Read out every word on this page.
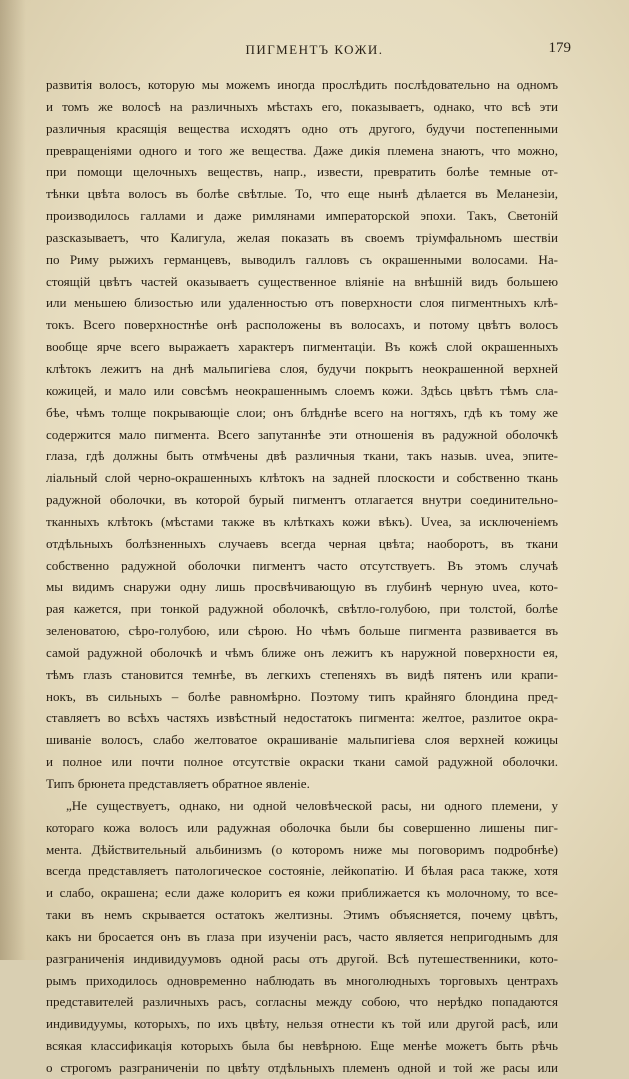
ПИГМЕНТЪ КОЖИ.	179
развитія волосъ, которую мы можемъ иногда прослѣдить послѣдовательно на одномъ
и томъ же волосѣ на различныхъ мѣстахъ его, показываетъ, однако, что всѣ эти
различныя красящія вещества исходятъ одно отъ другого, будучи постепенными
превращеніями одного и того же вещества. Даже дикія племена знаютъ, что можно,
при помощи щелочныхъ веществъ, напр., извести, превратить болѣе темные от-
тѣнки цвѣта волосъ въ болѣе свѣтлые. То, что еще нынѣ дѣлается въ Меланезіи,
производилось галлами и даже римлянами императорской эпохи. Такъ, Светоній
разсказываетъ, что Калигула, желая показать въ своемъ тріумфальномъ шествіи
по Риму рыжихъ германцевъ, выводилъ галловъ съ окрашенными волосами. На-
стоящій цвѣтъ частей оказываетъ существенное вліяніе на внѣшній видъ большею
или меньшею близостью или удаленностью отъ поверхности слоя пигментныхъ клѣ-
токъ. Всего поверхностнѣе онѣ расположены въ волосахъ, и потому цвѣтъ волосъ
вообще ярче всего выражаетъ характеръ пигментаціи. Въ кожѣ слой окрашенныхъ
клѣтокъ лежитъ на днѣ мальпигіева слоя, будучи покрытъ неокрашенной верхней
кожицей, и мало или совсѣмъ неокрашеннымъ слоемъ кожи. Здѣсь цвѣтъ тѣмъ сла-
бѣе, чѣмъ толще покрывающіе слои; онъ блѣднѣе всего на ногтяхъ, гдѣ къ тому же
содержится мало пигмента. Всего запутаннѣе эти отношенія въ радужной оболочкѣ
глаза, гдѣ должны быть отмѣчены двѣ различныя ткани, такъ назыв. uvea, эпите-
ліальный слой черно-окрашенныхъ клѣтокъ на задней плоскости и собственно ткань
радужной оболочки, въ которой бурый пигментъ отлагается внутри соединительно-
тканныхъ клѣтокъ (мѣстами также въ клѣткахъ кожи вѣкъ). Uvea, за исключеніемъ
отдѣльныхъ болѣзненныхъ случаевъ всегда черная цвѣта; наоборотъ, въ ткани
собственно радужной оболочки пигментъ часто отсутствуетъ. Въ этомъ случаѣ
мы видимъ снаружи одну лишь просвѣчивающую въ глубинѣ черную uvea, кото-
рая кажется, при тонкой радужной оболочкѣ, свѣтло-голубою, при толстой, болѣе
зеленоватою, сѣро-голубою, или сѣрою. Но чѣмъ больше пигмента развивается въ
самой радужной оболочкѣ и чѣмъ ближе онъ лежитъ къ наружной поверхности ея,
тѣмъ глазъ становится темнѣе, въ легкихъ степеняхъ въ видѣ пятенъ или крапи-
нокъ, въ сильныхъ – болѣе равномѣрно. Поэтому типъ крайняго блондина пред-
ставляетъ во всѣхъ частяхъ извѣстный недостатокъ пигмента: желтое, разлитое окра-
шиваніе волосъ, слабо желтоватое окрашиваніе мальпигіева слоя верхней кожицы
и полное или почти полное отсутствіе окраски ткани самой радужной оболочки.
Типъ брюнета представляетъ обратное явленіе.
„Не существуетъ, однако, ни одной человѣческой расы, ни одного племени, у
котораго кожа волосъ или радужная оболочка были бы совершенно лишены пиг-
мента. Дѣйствительный альбинизмъ (о которомъ ниже мы поговоримъ подробнѣе)
всегда представляетъ патологическое состояніе, лейкопатію. И бѣлая раса также, хотя
и слабо, окрашена; если даже колоритъ ея кожи приближается къ молочному, то все-
таки въ немъ скрывается остатокъ желтизны. Этимъ объясняется, почему цвѣтъ,
какъ ни бросается онъ въ глаза при изученіи расъ, часто является непригоднымъ для
разграниченія индивидуумовъ одной расы отъ другой. Всѣ путешественники, кото-
рымъ приходилось одновременно наблюдать въ многолюдныхъ торговыхъ центрахъ
представителей различныхъ расъ, согласны между собою, что нерѣдко попадаются
индивидуумы, которыхъ, по ихъ цвѣту, нельзя отнести къ той или другой расѣ, или
всякая классификація которыхъ была бы невѣрною. Еще менѣе можетъ быть рѣчь
о строгомъ разграниченіи по цвѣту отдѣльныхъ племенъ одной и той же расы или
